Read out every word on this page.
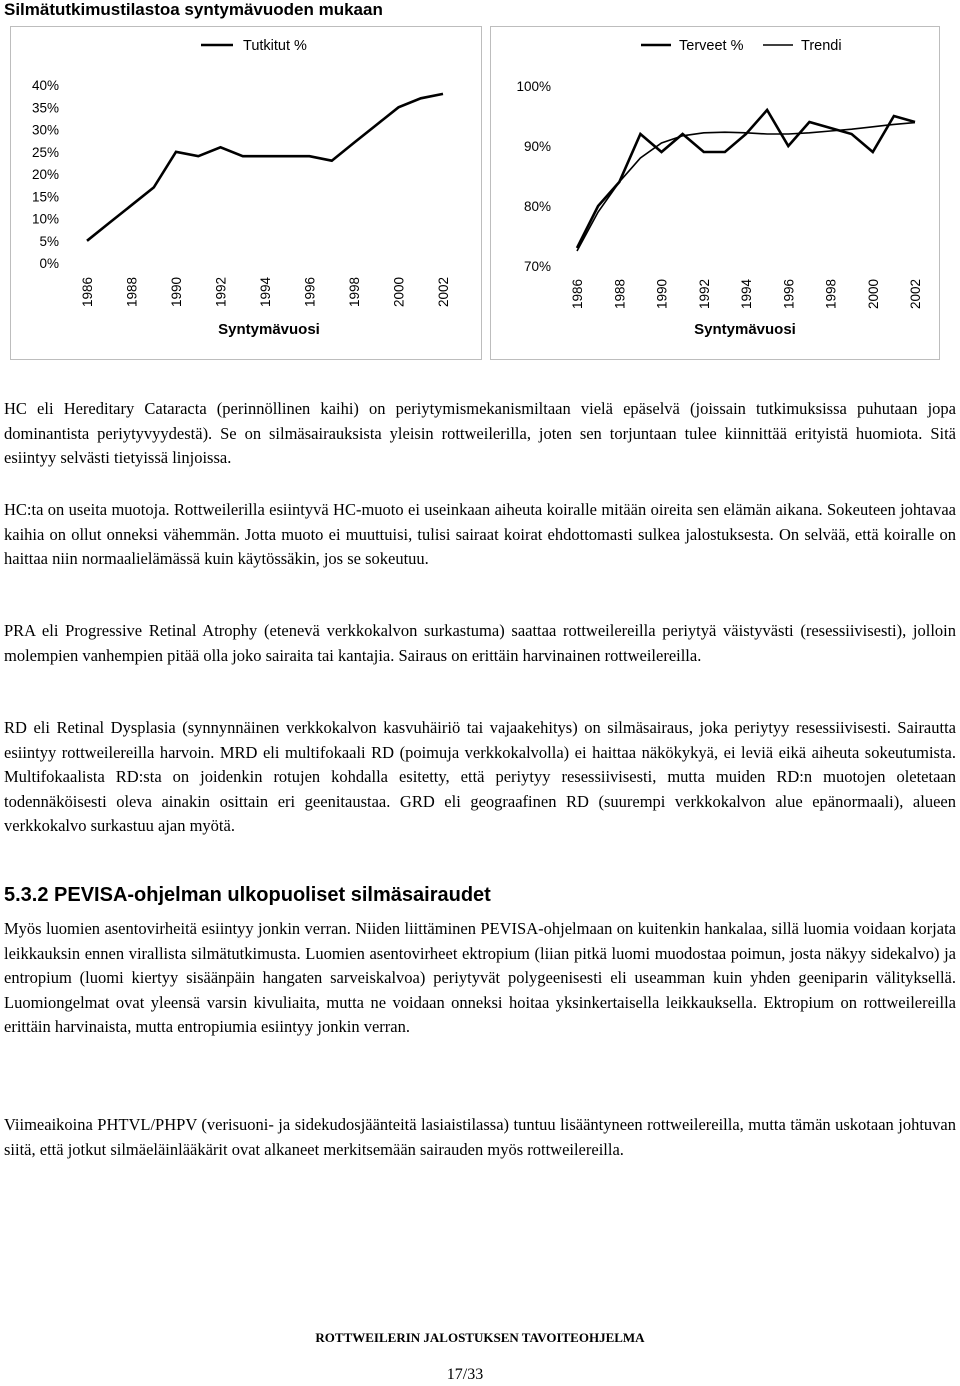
Silmätutkimustilastoa syntymävuoden mukaan
0%
5%
10%
15%
20%
25%
30%
35%
40%
1986 1988 1990 1992 1994 1996 1998 2000 2002
Syntymävuosi
Tutkitut %
70%
80%
90%
100%
1986 1988 1990 1992 1994 1996 1998 2000 2002
Syntymävuosi
Terveet %	Trendi
HC eli Hereditary Cataracta (perinnöllinen kaihi) on periytymismekanismiltaan vielä epäselvä (joissain tutkimuksissa puhutaan jopa dominantista periytyvyydestä). Se on silmäsairauksista yleisin rottweilerilla, joten sen torjuntaan tulee kiinnittää erityistä huomiota. Sitä esiintyy selvästi tietyissä linjoissa.
HC:ta on useita muotoja. Rottweilerilla esiintyvä HC-muoto ei useinkaan aiheuta koiralle mitään oireita sen elämän aikana. Sokeuteen johtavaa kaihia on ollut onneksi vähemmän. Jotta muoto ei muuttuisi, tulisi sairaat koirat ehdottomasti sulkea jalostuksesta. On selvää, että koiralle on haittaa niin normaalielämässä kuin käytössäkin, jos se sokeutuu.
PRA eli Progressive Retinal Atrophy (etenevä verkkokalvon surkastuma) saattaa rottweilereilla periytyä väistyvästi (resessiivisesti), jolloin molempien vanhempien pitää olla joko sairaita tai kantajia. Sairaus on erittäin harvinainen rottweilereilla.
RD eli Retinal Dysplasia (synnynnäinen verkkokalvon kasvuhäiriö tai vajaakehitys) on silmäsairaus, joka periytyy resessiivisesti. Sairautta esiintyy rottweilereilla harvoin. MRD eli multifokaali RD (poimuja verkkokalvolla) ei haittaa näkökykyä, ei leviä eikä aiheuta sokeutumista. Multifokaalista RD:sta on joidenkin rotujen kohdalla esitetty, että periytyy resessiivisesti, mutta muiden RD:n muotojen oletetaan todennäköisesti oleva ainakin osittain eri geenitaustaa. GRD eli geograafinen RD (suurempi verkkokalvon alue epänormaali), alueen verkkokalvo surkastuu ajan myötä.
5.3.2 PEVISA-ohjelman ulkopuoliset silmäsairaudet
Myös luomien asentovirheitä esiintyy jonkin verran. Niiden liittäminen PEVISA-ohjelmaan on kuitenkin hankalaa, sillä luomia voidaan korjata leikkauksin ennen virallista silmätutkimusta. Luomien asentovirheet ektropium (liian pitkä luomi muodostaa poimun, josta näkyy sidekalvo) ja entropium (luomi kiertyy sisäänpäin hangaten sarveiskalvoa) periytyvät polygeenisesti eli useamman kuin yhden geeniparin välityksellä. Luomiongelmat ovat yleensä varsin kivuliaita, mutta ne voidaan onneksi hoitaa yksinkertaisella leikkauksella. Ektropium on rottweilereilla erittäin harvinaista, mutta entropiumia esiintyy jonkin verran.
Viimeaikoina PHTVL/PHPV (verisuoni- ja sidekudosjäänteitä lasiaistilassa) tuntuu lisääntyneen rottweilereilla, mutta tämän uskotaan johtuvan siitä, että jotkut silmäeläinlääkärit ovat alkaneet merkitsemään sairauden myös rottweilereilla.
ROTTWEILERIN JALOSTUKSEN TAVOITEOHJELMA
17/33
